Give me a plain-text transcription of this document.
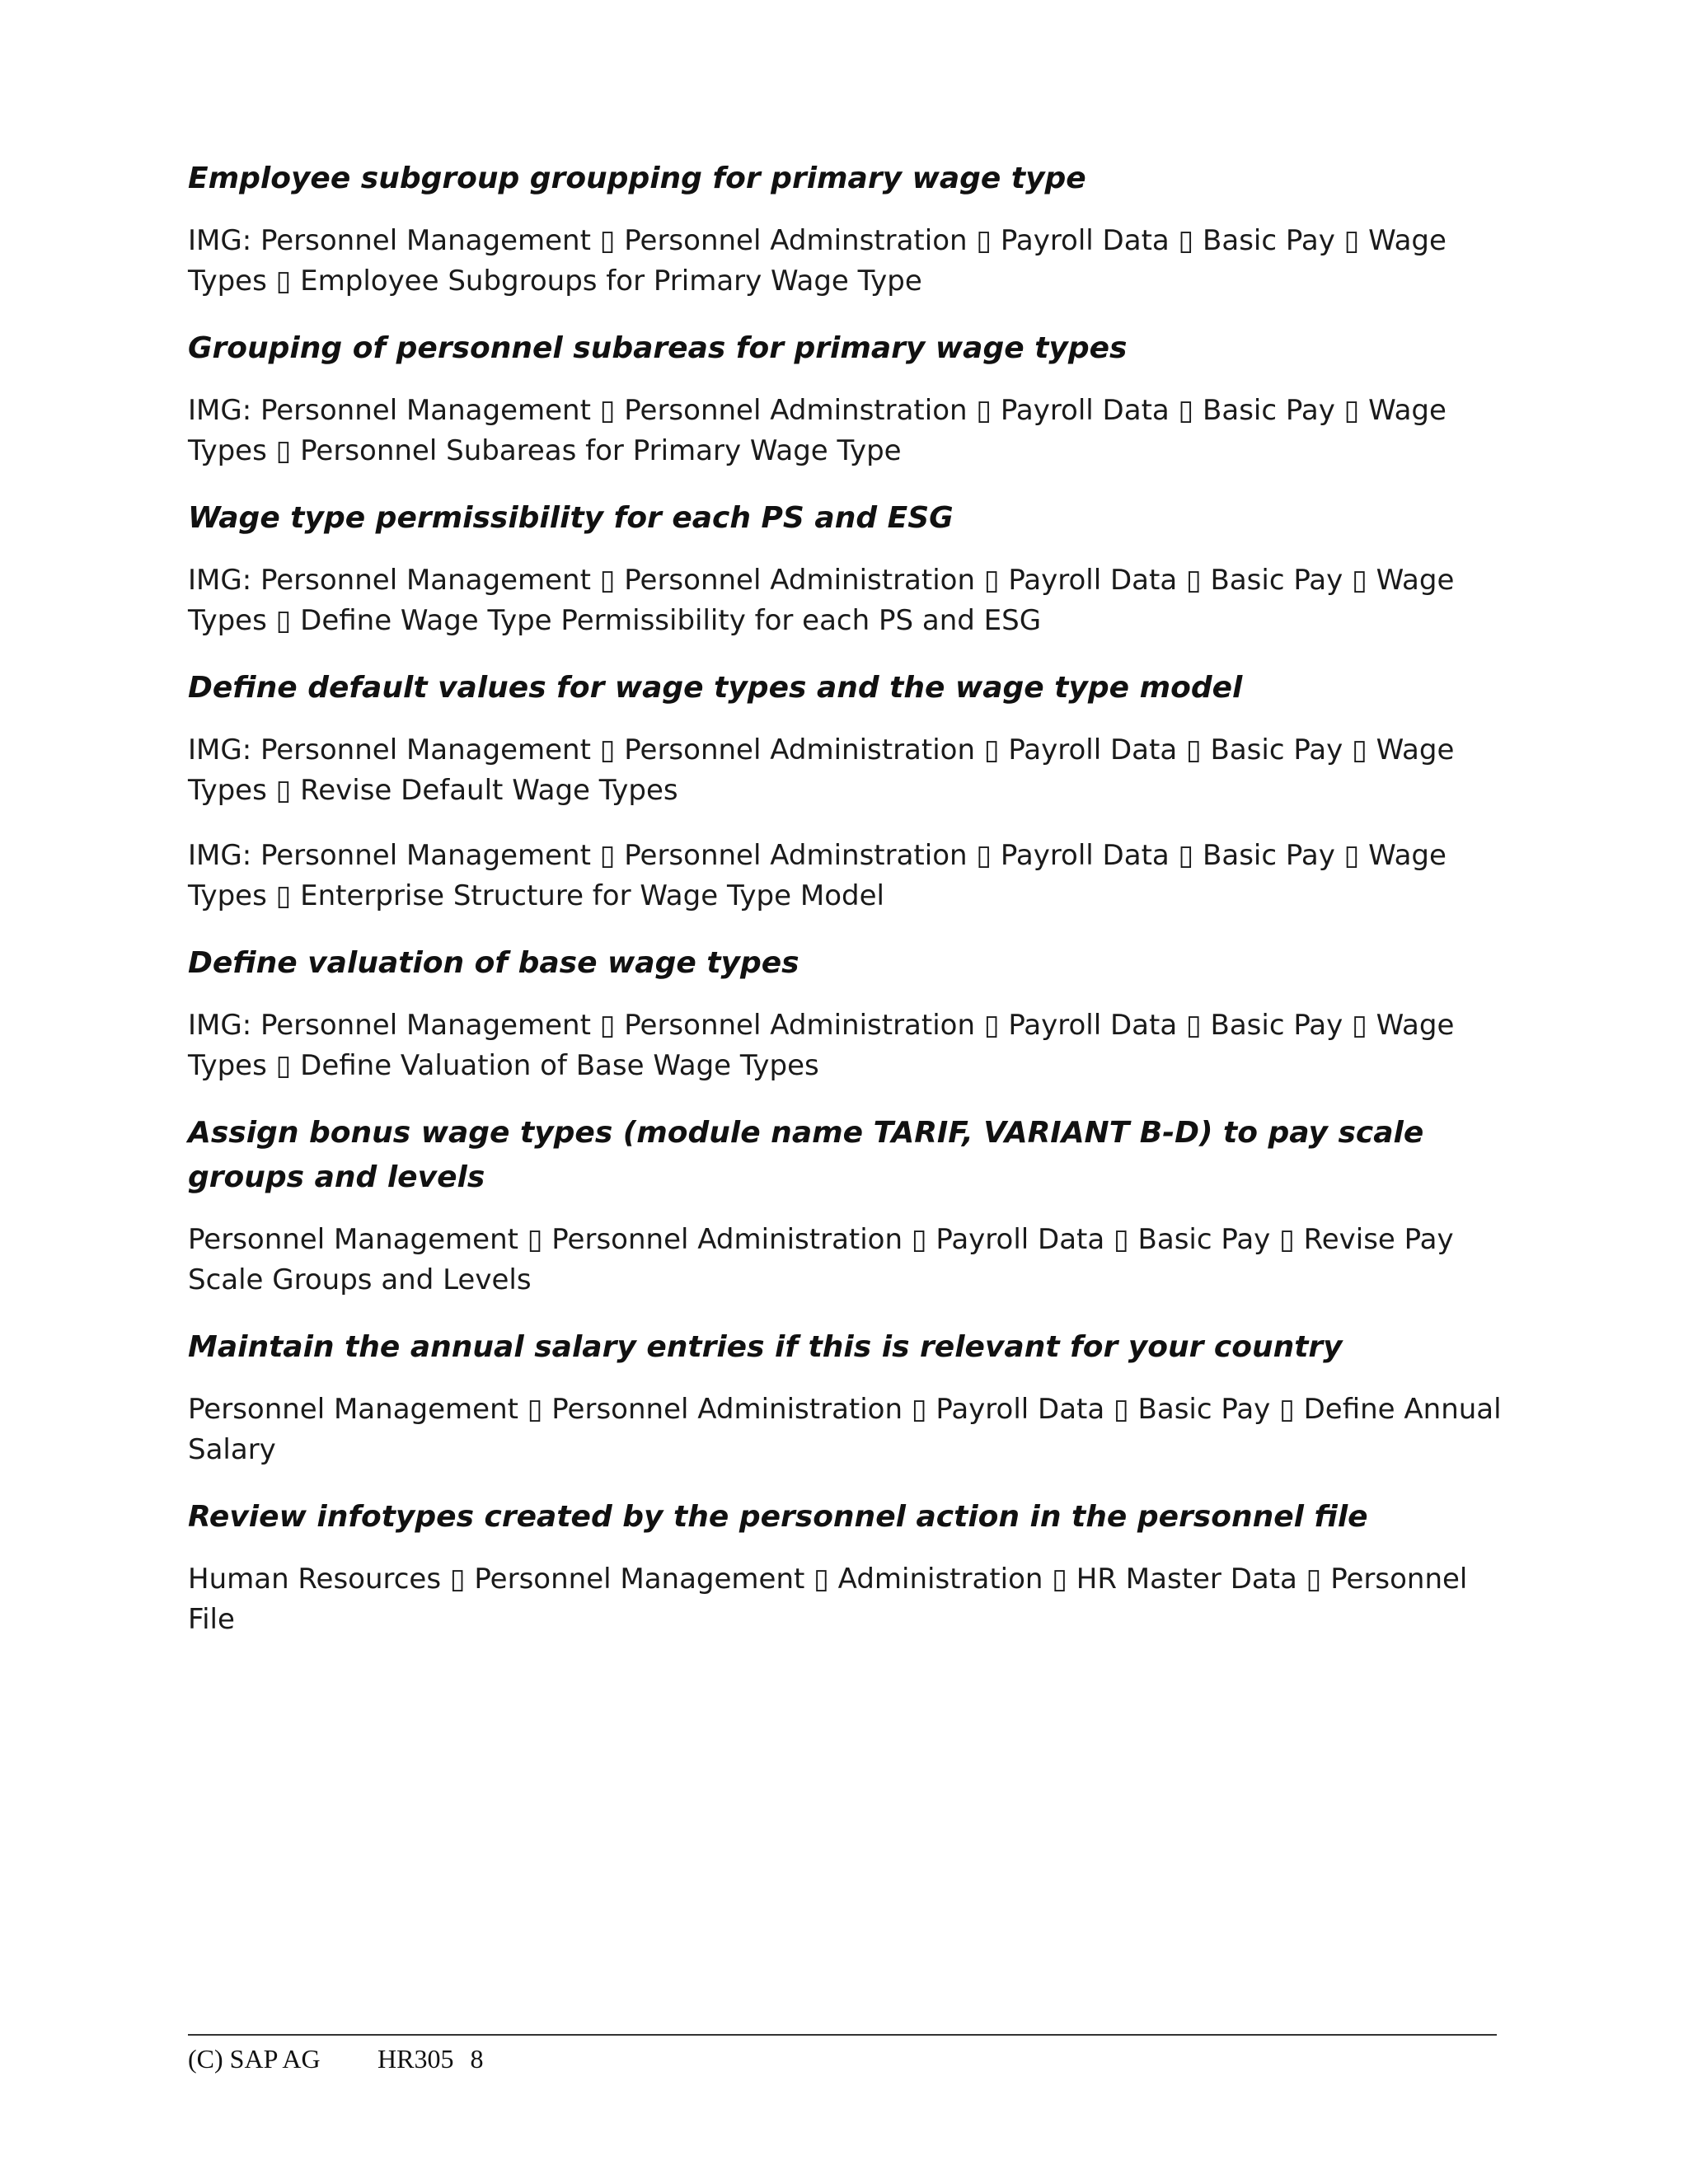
Employee subgroup groupping for primary wage type

IMG: Personnel Management ▯ Personnel Adminstration ▯ Payroll Data ▯ Basic Pay ▯ Wage Types ▯ Employee Subgroups for Primary Wage Type

Grouping of personnel subareas for primary wage types

IMG: Personnel Management ▯ Personnel Adminstration ▯ Payroll Data ▯ Basic Pay ▯ Wage Types ▯ Personnel Subareas for Primary Wage Type

Wage type permissibility for each PS and ESG

IMG: Personnel Management ▯ Personnel Administration ▯ Payroll Data ▯ Basic Pay ▯ Wage Types ▯ Define Wage Type Permissibility for each PS and ESG

Define default values for wage types and the wage type model

IMG: Personnel Management ▯ Personnel Administration ▯ Payroll Data ▯ Basic Pay ▯ Wage Types ▯ Revise Default Wage Types

IMG: Personnel Management ▯ Personnel Adminstration ▯ Payroll Data ▯ Basic Pay ▯ Wage Types ▯ Enterprise Structure for Wage Type Model

Define valuation of base wage types

IMG: Personnel Management ▯ Personnel Administration ▯ Payroll Data ▯ Basic Pay ▯ Wage Types ▯ Define Valuation of Base Wage Types

Assign bonus wage types (module name TARIF, VARIANT B-D) to pay scale groups and levels

Personnel Management ▯ Personnel Administration ▯ Payroll Data ▯ Basic Pay ▯ Revise Pay Scale Groups and Levels

Maintain the annual salary entries if this is relevant for your country

Personnel Management ▯ Personnel Administration ▯ Payroll Data ▯ Basic Pay ▯ Define Annual Salary

Review infotypes created by the personnel action in the personnel file

Human Resources ▯ Personnel Management ▯ Administration ▯ HR Master Data ▯ Personnel File

(C) SAP AG HR305 8
